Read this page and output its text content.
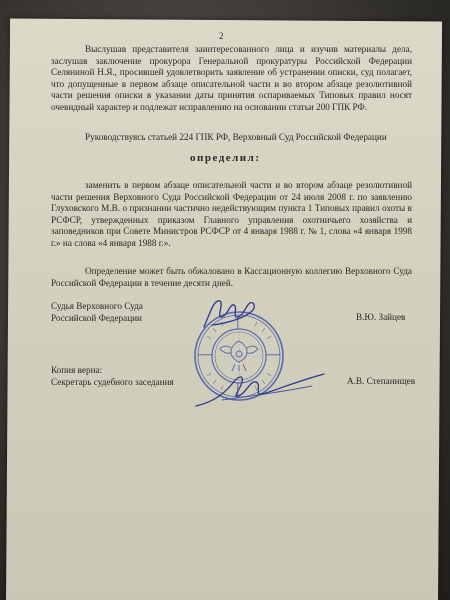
2
Выслушав представителя заинтересованного лица и изучив материалы дела, заслушав заключение прокурора Генеральной прокуратуры Российской Федерации Селяниной Н.Я., просившей удовлетворить заявление об устранении описки, суд полагает, что допущенные в первом абзаце описательной части и во втором абзаце резолютивной части решения описки в указании даты принятия оспариваемых Типовых правил носят очевидный характер и подлежат исправлению на основании статьи 200 ГПК РФ.
Руководствуясь статьей 224 ГПК РФ, Верховный Суд Российской Федерации
определил:
заменить в первом абзаце описательной части и во втором абзаце резолютивной части решения Верховного Суда Российской Федерации от 24 июля 2008 г. по заявлению Глуховского М.В. о признании частично недействующим пункта 1 Типовых правил охоты в РСФСР, утвержденных приказом Главного управления охотничьего хозяйства и заповедников при Совете Министров РСФСР от 4 января 1988 г. № 1, слова «4 января 1998 г.» на слова «4 января 1988 г.».
Определение может быть обжаловано в Кассационную коллегию Верховного Суда Российской Федерации в течение десяти дней.
Судья Верховного Суда
Российской Федерации	В.Ю. Зайцев
Копия верна:
Секретарь судебного заседания	А.В. Степанищев
